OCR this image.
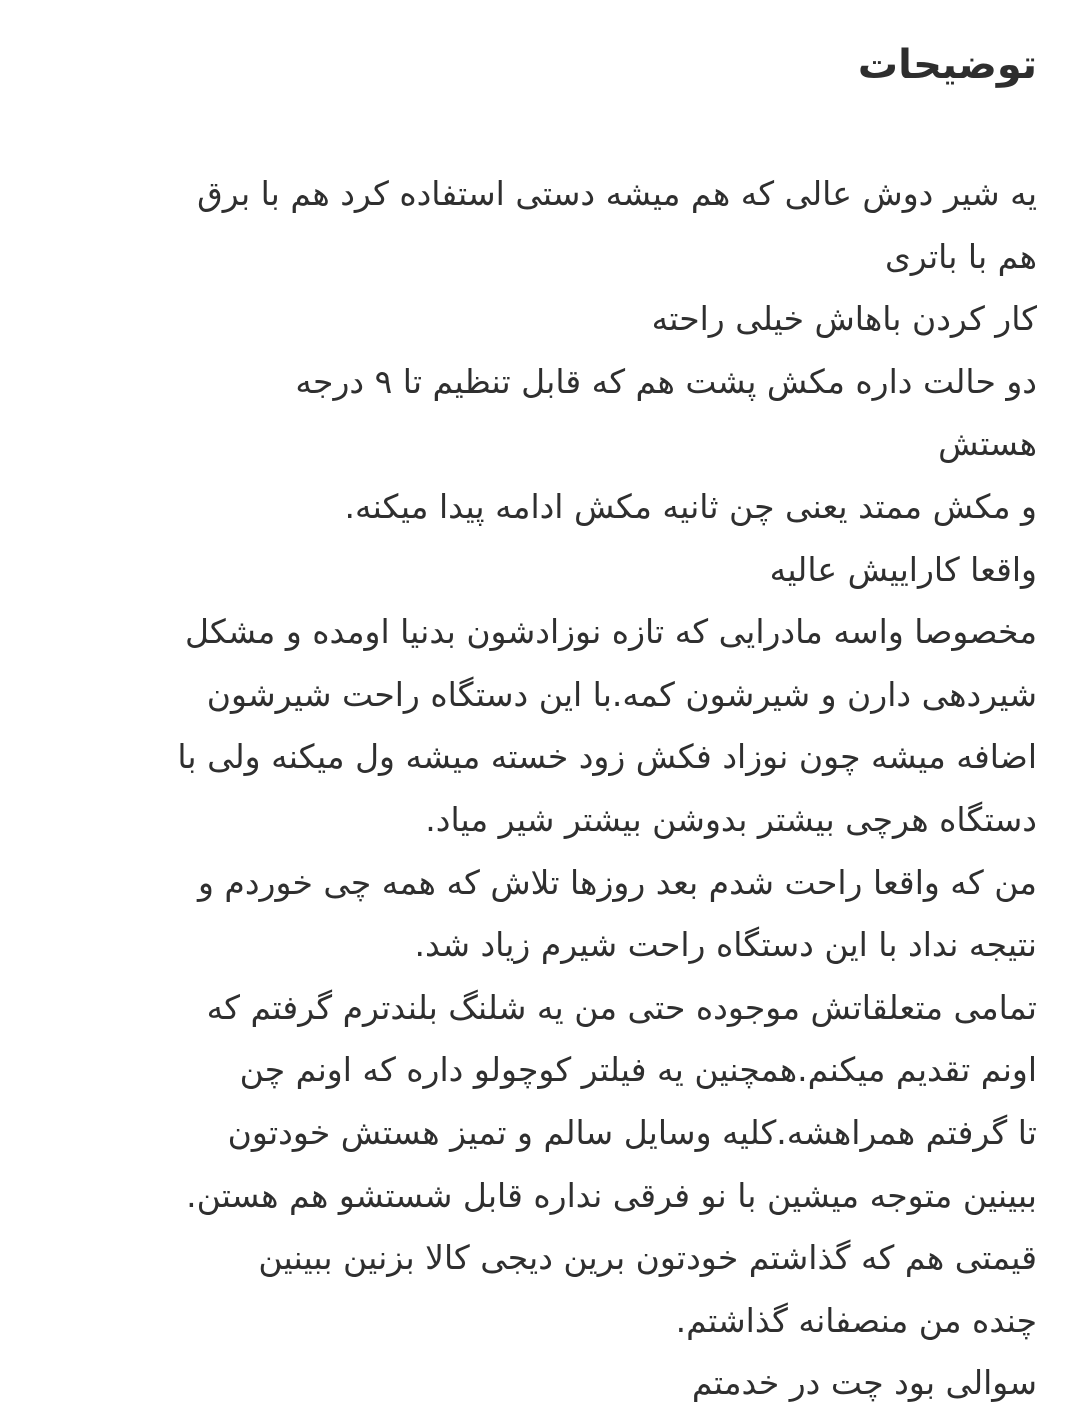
توضیحات
یه شیر دوش عالی که هم میشه دستی استفاده کرد هم با برق
هم با باتری
کار کردن باهاش خیلی راحته
دو حالت داره مکش پشت هم که قابل تنظیم تا ۹ درجه
هستش
و مکش ممتد یعنی چن ثانیه مکش ادامه پیدا میکنه.
واقعا کاراییش عالیه
مخصوصا واسه مادرایی که تازه نوزادشون بدنیا اومده و مشکل
شیردهی دارن و شیرشون کمه.با این دستگاه راحت شیرشون
اضافه میشه چون نوزاد فکش زود خسته میشه ول میکنه ولی با
دستگاه هرچی بیشتر بدوشن بیشتر شیر میاد.
من که واقعا راحت شدم بعد روزها تلاش که همه چی خوردم و
نتیجه نداد با این دستگاه راحت شیرم زیاد شد.
تمامی متعلقاتش موجوده حتی من یه شلنگ بلندترم گرفتم که
اونم تقدیم میکنم.همچنین یه فیلتر کوچولو داره که اونم چن
تا گرفتم همراهشه.کلیه وسایل سالم و تمیز هستش خودتون
ببینین متوجه میشین با نو فرقی نداره قابل شستشو هم هستن.
قیمتی هم که گذاشتم خودتون برین دیجی کالا بزنین ببینین
چنده من منصفانه گذاشتم.
سوالی بود چت در خدمتم
